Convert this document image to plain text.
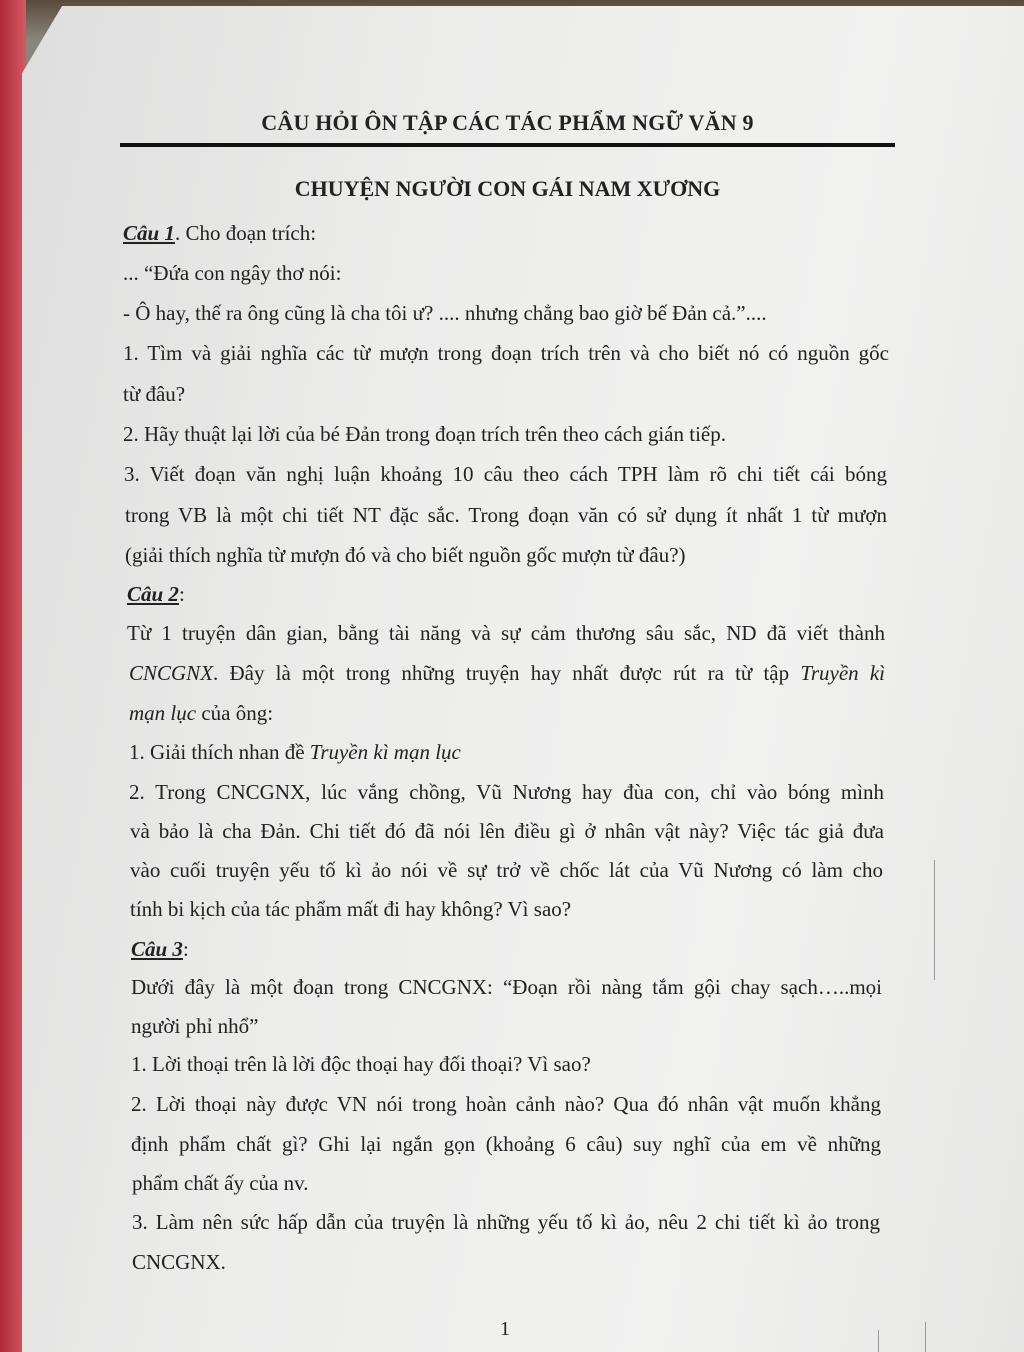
CÂU HỎI ÔN TẬP CÁC TÁC PHẨM NGỮ VĂN 9
CHUYỆN NGƯỜI CON GÁI NAM XƯƠNG
Câu 1. Cho đoạn trích:
... “Đứa con ngây thơ nói:
- Ô hay, thế ra ông cũng là cha tôi ư? .... nhưng chẳng bao giờ bế Đản cả.”....
1. Tìm và giải nghĩa các từ mượn trong đoạn trích trên và cho biết nó có nguồn gốc
từ đâu?
2. Hãy thuật lại lời của bé Đản trong đoạn trích trên theo cách gián tiếp.
3. Viết đoạn văn nghị luận khoảng 10 câu theo cách TPH làm rõ chi tiết cái bóng
trong VB là một chi tiết NT đặc sắc. Trong đoạn văn có sử dụng ít nhất 1 từ mượn
(giải thích nghĩa từ mượn đó và cho biết nguồn gốc mượn từ đâu?)
Câu 2:
Từ 1 truyện dân gian, bằng tài năng và sự cảm thương sâu sắc, ND đã viết thành
CNCGNX. Đây là một trong những truyện hay nhất được rút ra từ tập Truyền kì
mạn lục của ông:
1. Giải thích nhan đề Truyền kì mạn lục
2. Trong CNCGNX, lúc vắng chồng, Vũ Nương hay đùa con, chỉ vào bóng mình
và bảo là cha Đản. Chi tiết đó đã nói lên điều gì ở nhân vật này? Việc tác giả đưa
vào cuối truyện yếu tố kì ảo nói về sự trở về chốc lát của Vũ Nương có làm cho
tính bi kịch của tác phẩm mất đi hay không? Vì sao?
Câu 3:
Dưới đây là một đoạn trong CNCGNX: “Đoạn rồi nàng tắm gội chay sạch…..mọi
người phỉ nhổ”
1. Lời thoại trên là lời độc thoại hay đối thoại? Vì sao?
2. Lời thoại này được VN nói trong hoàn cảnh nào? Qua đó nhân vật muốn khẳng
định phẩm chất gì? Ghi lại ngắn gọn (khoảng 6 câu) suy nghĩ của em về những
phẩm chất ấy của nv.
3. Làm nên sức hấp dẫn của truyện là những yếu tố kì ảo, nêu 2 chi tiết kì ảo trong
CNCGNX.
1
